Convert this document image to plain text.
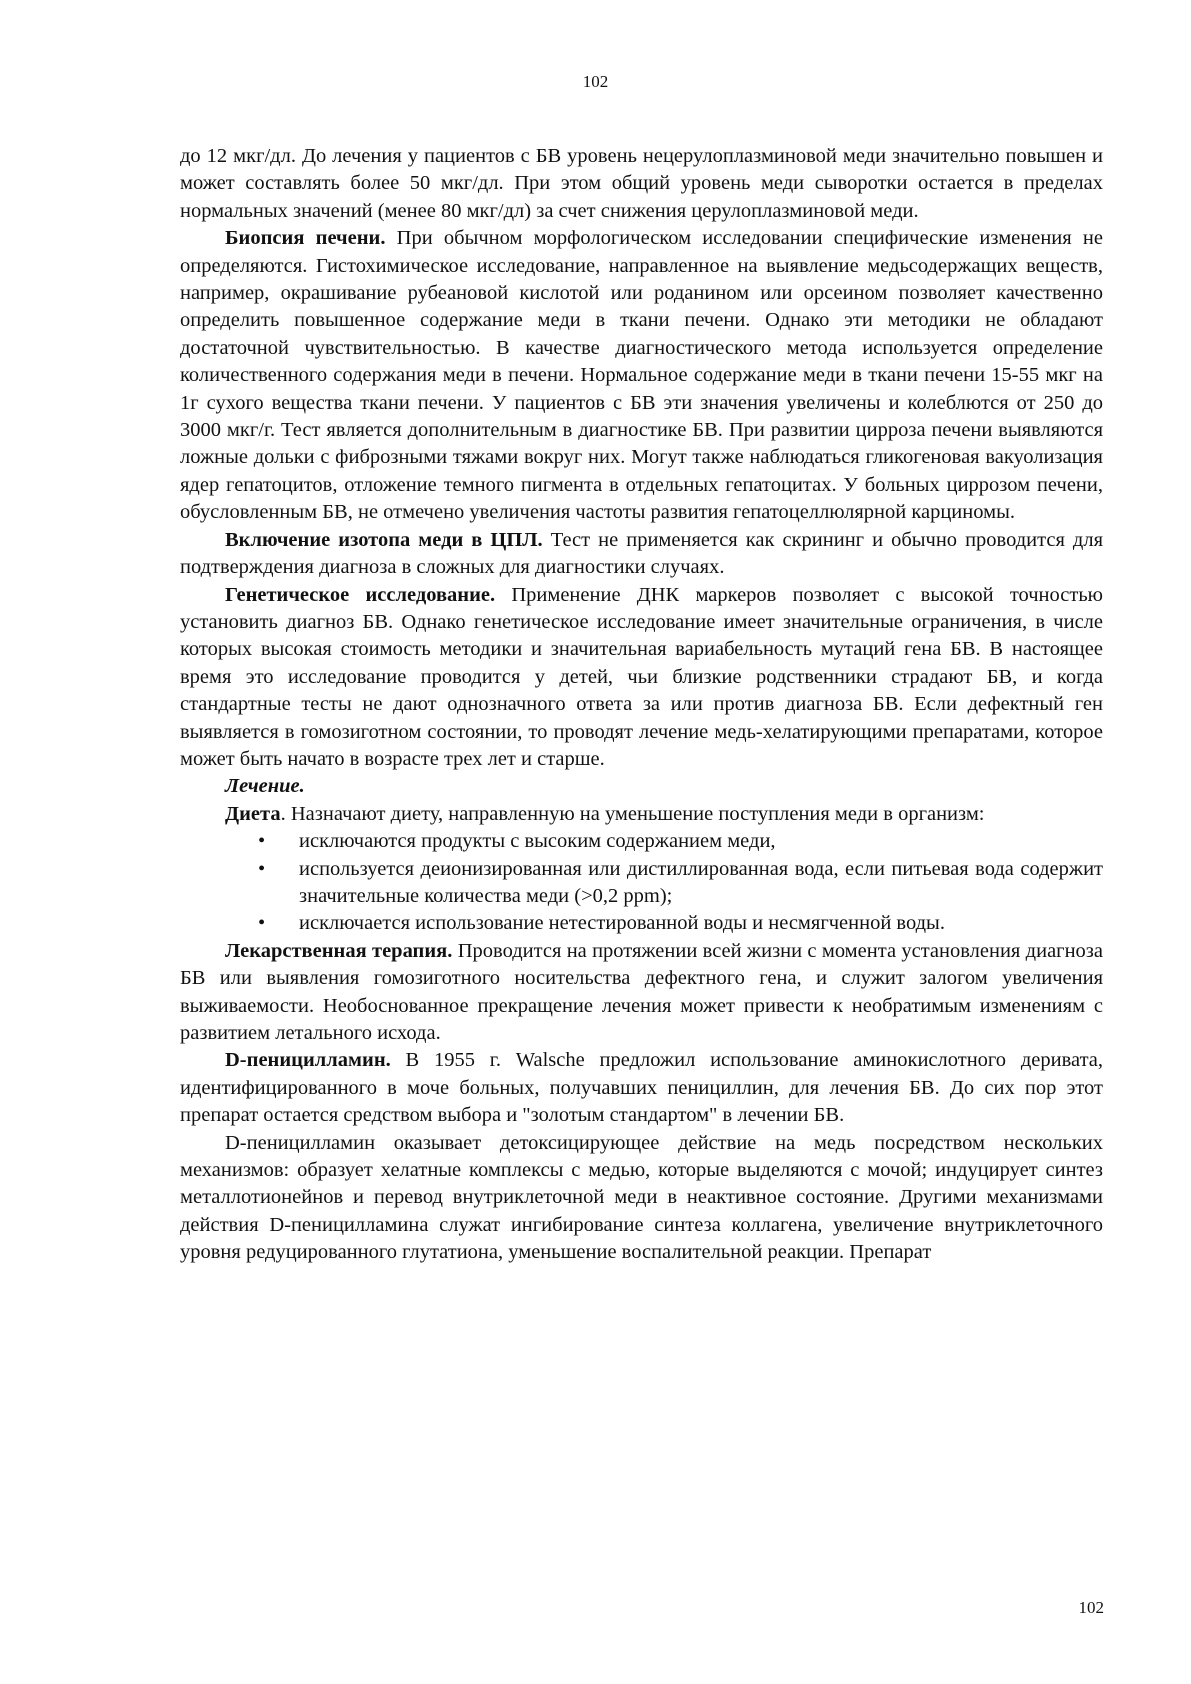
102

до 12 мкг/дл. До лечения у пациентов с БВ уровень нецерулоплазминовой меди значительно повышен и может составлять более 50 мкг/дл. При этом общий уровень меди сыворотки остается в пределах нормальных значений (менее 80 мкг/дл) за счет снижения церулоплазминовой меди.

Биопсия печени. При обычном морфологическом исследовании специфические изменения не определяются. Гистохимическое исследование, направленное на выявление медьсодержащих веществ, например, окрашивание рубеановой кислотой или роданином или орсеином позволяет качественно определить повышенное содержание меди в ткани печени. Однако эти методики не обладают достаточной чувствительностью. В качестве диагностического метода используется определение количественного содержания меди в печени. Нормальное содержание меди в ткани печени 15-55 мкг на 1г сухого вещества ткани печени. У пациентов с БВ эти значения увеличены и колеблются от 250 до 3000 мкг/г. Тест является дополнительным в диагностике БВ. При развитии цирроза печени выявляются ложные дольки с фиброзными тяжами вокруг них. Могут также наблюдаться гликогеновая вакуолизация ядер гепатоцитов, отложение темного пигмента в отдельных гепатоцитах. У больных циррозом печени, обусловленным БВ, не отмечено увеличения частоты развития гепатоцеллюлярной карциномы.

Включение изотопа меди в ЦПЛ. Тест не применяется как скрининг и обычно проводится для подтверждения диагноза в сложных для диагностики случаях.

Генетическое исследование. Применение ДНК маркеров позволяет с высокой точностью установить диагноз БВ. Однако генетическое исследование имеет значительные ограничения, в числе которых высокая стоимость методики и значительная вариабельность мутаций гена БВ. В настоящее время это исследование проводится у детей, чьи близкие родственники страдают БВ, и когда стандартные тесты не дают однозначного ответа за или против диагноза БВ. Если дефектный ген выявляется в гомозиготном состоянии, то проводят лечение медь-хелатирующими препаратами, которое может быть начато в возрасте трех лет и старше.

Лечение.

Диета. Назначают диету, направленную на уменьшение поступления меди в организм:

• исключаются продукты с высоким содержанием меди,
• используется деионизированная или дистиллированная вода, если питьевая вода содержит значительные количества меди (>0,2 ppm);
• исключается использование нетестированной воды и несмягченной воды.

Лекарственная терапия. Проводится на протяжении всей жизни с момента установления диагноза БВ или выявления гомозиготного носительства дефектного гена, и служит залогом увеличения выживаемости. Необоснованное прекращение лечения может привести к необратимым изменениям с развитием летального исхода.

D-пеницилламин. В 1955 г. Walsche предложил использование аминокислотного деривата, идентифицированного в моче больных, получавших пенициллин, для лечения БВ. До сих пор этот препарат остается средством выбора и "золотым стандартом" в лечении БВ.

D-пеницилламин оказывает детоксицирующее действие на медь посредством нескольких механизмов: образует хелатные комплексы с медью, которые выделяются с мочой; индуцирует синтез металлотионейнов и перевод внутриклеточной меди в неактивное состояние. Другими механизмами действия D-пеницилламина служат ингибирование синтеза коллагена, увеличение внутриклеточного уровня редуцированного глутатиона, уменьшение воспалительной реакции. Препарат

102
